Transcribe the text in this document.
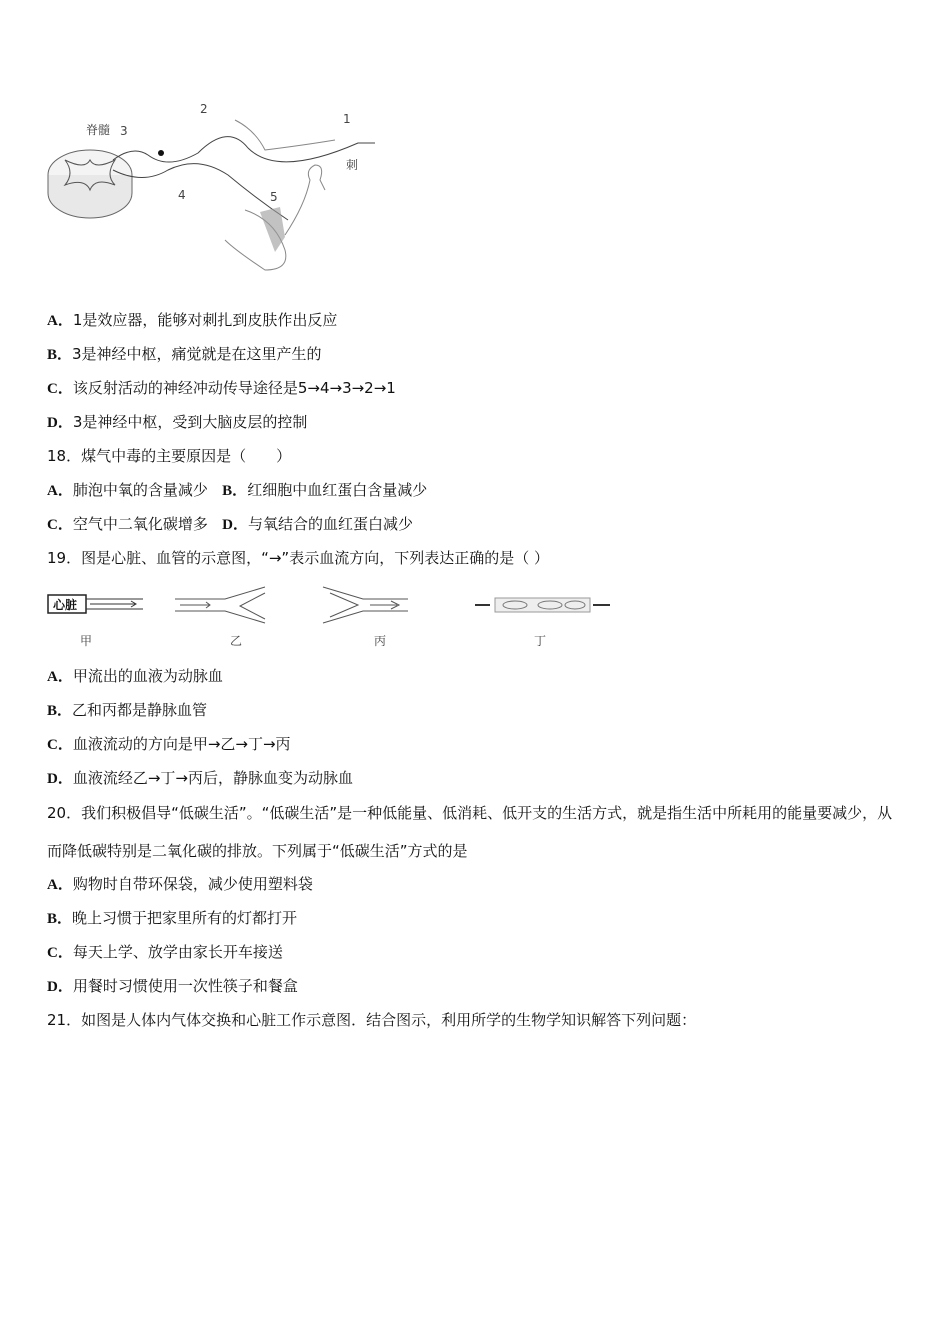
脊髓 3
2
1
刺
4	5
A．1是效应器，能够对刺扎到皮肤作出反应
B．3是神经中枢，痛觉就是在这里产生的
C．该反射活动的神经冲动传导途径是5→4→3→2→1
D．3是神经中枢，受到大脑皮层的控制
18．煤气中毒的主要原因是（　　）
A．肺泡中氧的含量减少 B．红细胞中血红蛋白含量减少
C．空气中二氧化碳增多 D．与氧结合的血红蛋白减少
19．图是心脏、血管的示意图，“→”表示血流方向，下列表达正确的是（ ）
心脏
甲	乙	丙	丁
A．甲流出的血液为动脉血
B．乙和丙都是静脉血管
C．血液流动的方向是甲→乙→丁→丙
D．血液流经乙→丁→丙后，静脉血变为动脉血
20．我们积极倡导“低碳生活”。“低碳生活”是一种低能量、低消耗、低开支的生活方式，就是指生活中所耗用的能量要减少，从而降低碳特别是二氧化碳的排放。下列属于“低碳生活”方式的是
A．购物时自带环保袋，减少使用塑料袋
B．晚上习惯于把家里所有的灯都打开
C．每天上学、放学由家长开车接送
D．用餐时习惯使用一次性筷子和餐盒
21．如图是人体内气体交换和心脏工作示意图．结合图示，利用所学的生物学知识解答下列问题：
